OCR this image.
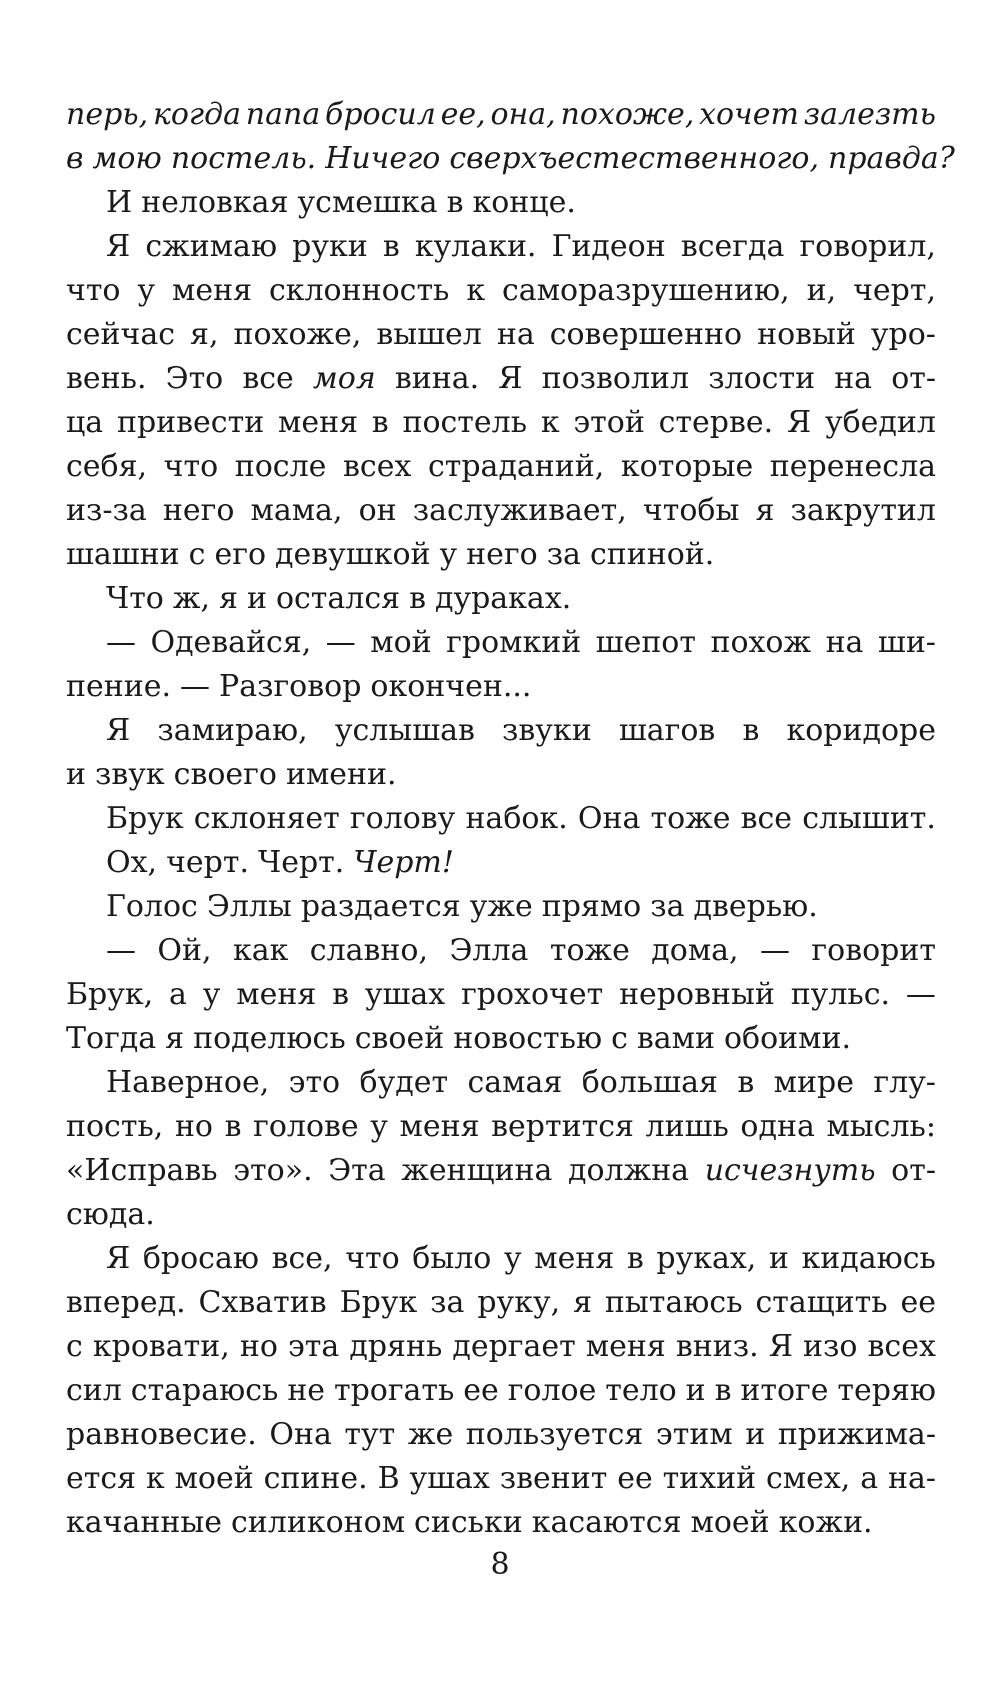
перь, когда папа бросил ее, она, похоже, хочет залезть
в мою постель. Ничего сверхъестественного, правда?
И неловкая усмешка в конце.
Я сжимаю руки в кулаки. Гидеон всегда говорил,
что у меня склонность к саморазрушению, и, черт,
сейчас я, похоже, вышел на совершенно новый уро-
вень. Это все моя вина. Я позволил злости на от-
ца привести меня в постель к этой стерве. Я убедил
себя, что после всех страданий, которые перенесла
из-за него мама, он заслуживает, чтобы я закрутил
шашни с его девушкой у него за спиной.
Что ж, я и остался в дураках.
— Одевайся, — мой громкий шепот похож на ши-
пение. — Разговор окончен...
Я замираю, услышав звуки шагов в коридоре
и звук своего имени.
Брук склоняет голову набок. Она тоже все слышит.
Ох, черт. Черт. Черт!
Голос Эллы раздается уже прямо за дверью.
— Ой, как славно, Элла тоже дома, — говорит
Брук, а у меня в ушах грохочет неровный пульс. —
Тогда я поделюсь своей новостью с вами обоими.
Наверное, это будет самая большая в мире глу-
пость, но в голове у меня вертится лишь одна мысль:
«Исправь это». Эта женщина должна исчезнуть от-
сюда.
Я бросаю все, что было у меня в руках, и кидаюсь
вперед. Схватив Брук за руку, я пытаюсь стащить ее
с кровати, но эта дрянь дергает меня вниз. Я изо всех
сил стараюсь не трогать ее голое тело и в итоге теряю
равновесие. Она тут же пользуется этим и прижима-
ется к моей спине. В ушах звенит ее тихий смех, а на-
качанные силиконом сиськи касаются моей кожи.
8
